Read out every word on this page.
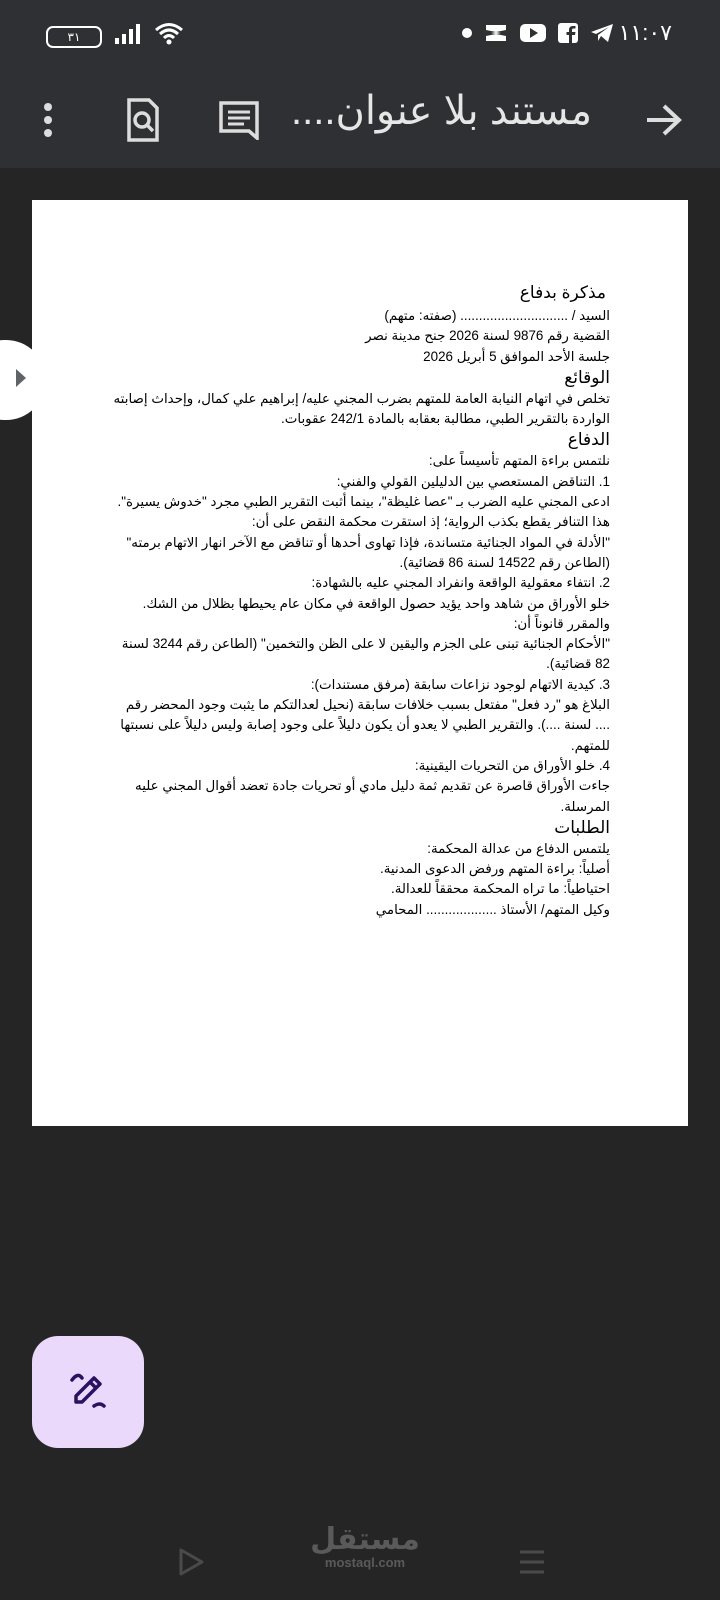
٣١	١١:٠٧
مستند بلا عنوان....

مذكرة بدفاع

السيد / ............................. (صفته: متهم)

القضية رقم 9876 لسنة 2026 جنح مدينة نصر

جلسة الأحد الموافق 5 أبريل 2026

الوقائع

تخلص في اتهام النيابة العامة للمتهم بضرب المجني عليه/ إبراهيم علي كمال، وإحداث إصابته الواردة بالتقرير الطبي، مطالبة بعقابه بالمادة 242/1 عقوبات.

الدفاع

نلتمس براءة المتهم تأسيساً على:

1. التناقض المستعصي بين الدليلين القولي والفني:

ادعى المجني عليه الضرب بـ "عصا غليظة"، بينما أثبت التقرير الطبي مجرد "خدوش يسيرة". هذا التنافر يقطع بكذب الرواية؛ إذ استقرت محكمة النقض على أن:

"الأدلة في المواد الجنائية متساندة، فإذا تهاوى أحدها أو تناقض مع الآخر انهار الاتهام برمته" (الطاعن رقم 14522 لسنة 86 قضائية).

2. انتفاء معقولية الواقعة وانفراد المجني عليه بالشهادة:

خلو الأوراق من شاهد واحد يؤيد حصول الواقعة في مكان عام يحيطها بظلال من الشك. والمقرر قانوناً أن:

"الأحكام الجنائية تبنى على الجزم واليقين لا على الظن والتخمين" (الطاعن رقم 3244 لسنة 82 قضائية).

3. كيدية الاتهام لوجود نزاعات سابقة (مرفق مستندات):

البلاغ هو "رد فعل" مفتعل بسبب خلافات سابقة (نحيل لعدالتكم ما يثبت وجود المحضر رقم .... لسنة ....). والتقرير الطبي لا يعدو أن يكون دليلاً على وجود إصابة وليس دليلاً على نسبتها للمتهم.

4. خلو الأوراق من التحريات اليقينية:

جاءت الأوراق قاصرة عن تقديم ثمة دليل مادي أو تحريات جادة تعضد أقوال المجني عليه المرسلة.

الطلبات

يلتمس الدفاع من عدالة المحكمة:

أصلياً: براءة المتهم ورفض الدعوى المدنية.

احتياطياً: ما تراه المحكمة محققاً للعدالة.

وكيل المتهم/ الأستاذ ................... المحامي

مستقل
mostaql.com
